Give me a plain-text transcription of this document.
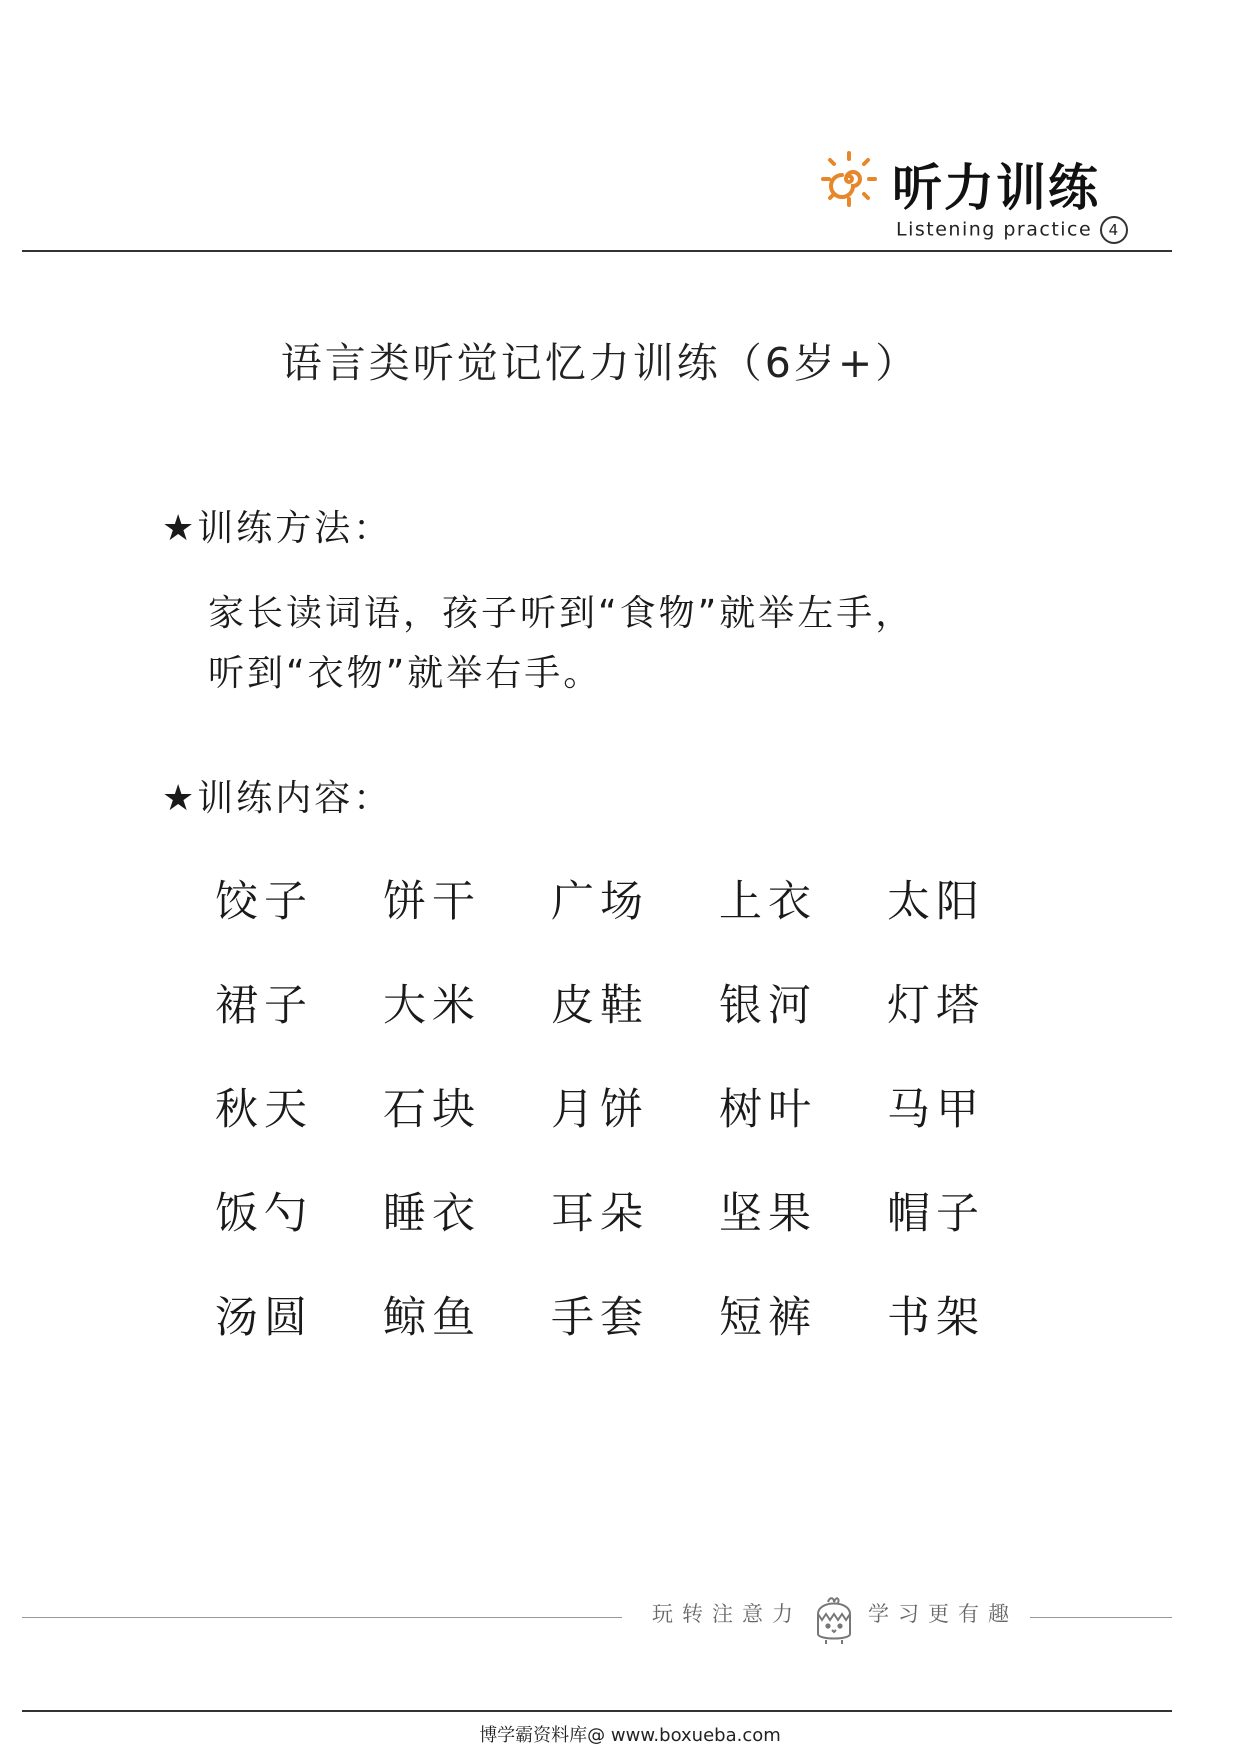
听力训练
Listening practice 4
语言类听觉记忆力训练（6岁+）
★训练方法：
家长读词语，孩子听到“食物”就举左手，
听到“衣物”就举右手。
★训练内容：
饺子 饼干 广场 上衣 太阳
裙子 大米 皮鞋 银河 灯塔
秋天 石块 月饼 树叶 马甲
饭勺 睡衣 耳朵 坚果 帽子
汤圆 鲸鱼 手套 短裤 书架
玩转注意力	学习更有趣
博学霸资料库@ www.boxueba.com
